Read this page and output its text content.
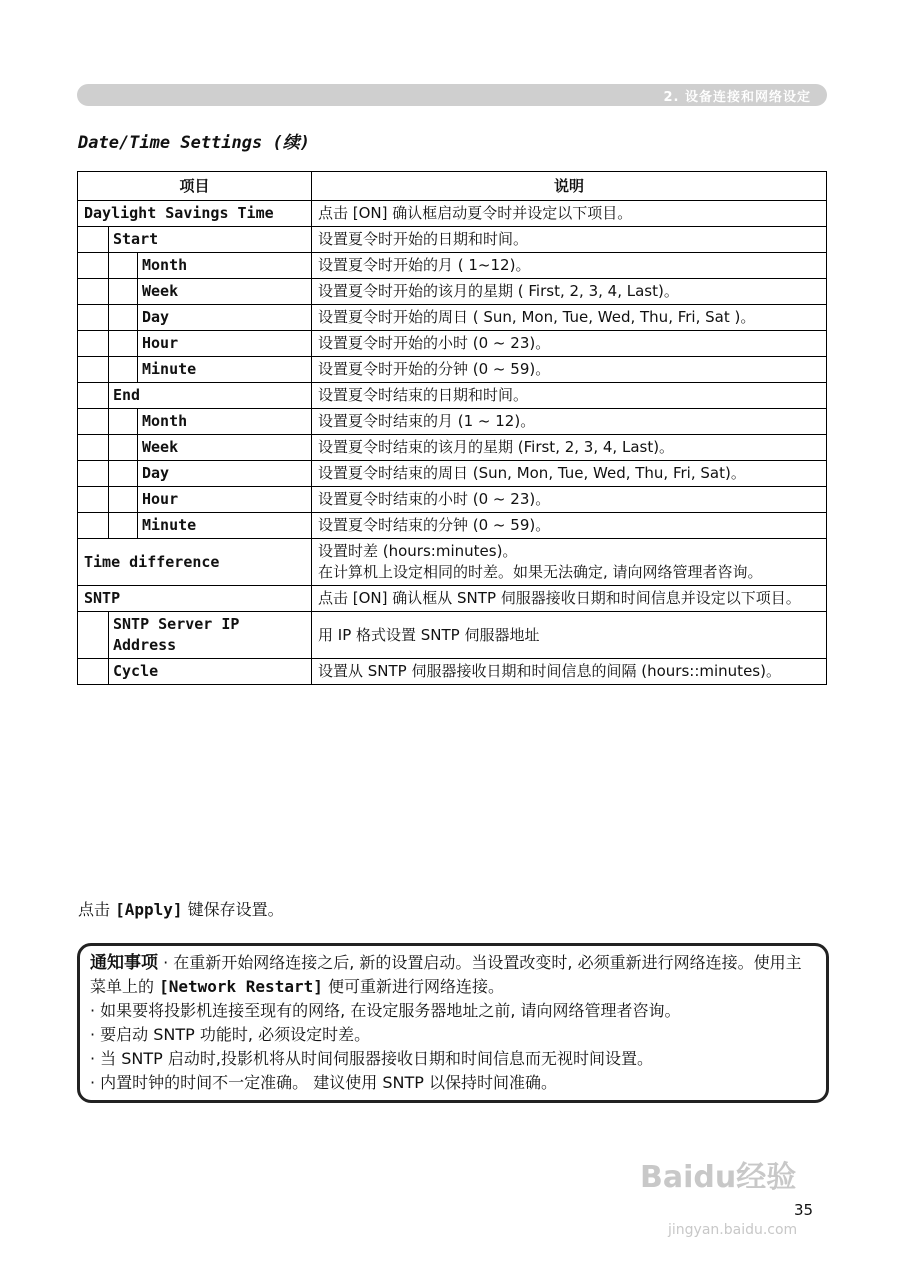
2. 设备连接和网络设定
Date/Time Settings (续)
项目	说明
Daylight Savings Time	点击 [ON] 确认框启动夏令时并设定以下项目。
Start	设置夏令时开始的日期和时间。
Month	设置夏令时开始的月 ( 1~12)。
Week	设置夏令时开始的该月的星期 ( First, 2, 3, 4, Last)。
Day	设置夏令时开始的周日 ( Sun, Mon, Tue, Wed, Thu, Fri, Sat )。
Hour	设置夏令时开始的小时 (0 ~ 23)。
Minute	设置夏令时开始的分钟 (0 ~ 59)。
End	设置夏令时结束的日期和时间。
Month	设置夏令时结束的月 (1 ~ 12)。
Week	设置夏令时结束的该月的星期 (First, 2, 3, 4, Last)。
Day	设置夏令时结束的周日 (Sun, Mon, Tue, Wed, Thu, Fri, Sat)。
Hour	设置夏令时结束的小时 (0 ~ 23)。
Minute	设置夏令时结束的分钟 (0 ~ 59)。
Time difference	设置时差 (hours:minutes)。
在计算机上设定相同的时差。如果无法确定, 请向网络管理者咨询。
SNTP	点击 [ON] 确认框从 SNTP 伺服器接收日期和时间信息并设定以下项目。
SNTP Server IP Address	用 IP 格式设置 SNTP 伺服器地址
Cycle	设置从 SNTP 伺服器接收日期和时间信息的间隔 (hours::minutes)。
点击 [Apply] 键保存设置。
通知事项 · 在重新开始网络连接之后, 新的设置启动。当设置改变时, 必须重新进行网络连接。使用主菜单上的 [Network Restart] 便可重新进行网络连接。
· 如果要将投影机连接至现有的网络, 在设定服务器地址之前, 请向网络管理者咨询。
· 要启动 SNTP 功能时, 必须设定时差。
· 当 SNTP 启动时,投影机将从时间伺服器接收日期和时间信息而无视时间设置。
· 内置时钟的时间不一定准确。 建议使用 SNTP 以保持时间准确。
Baidu经验
jingyan.baidu.com
35
